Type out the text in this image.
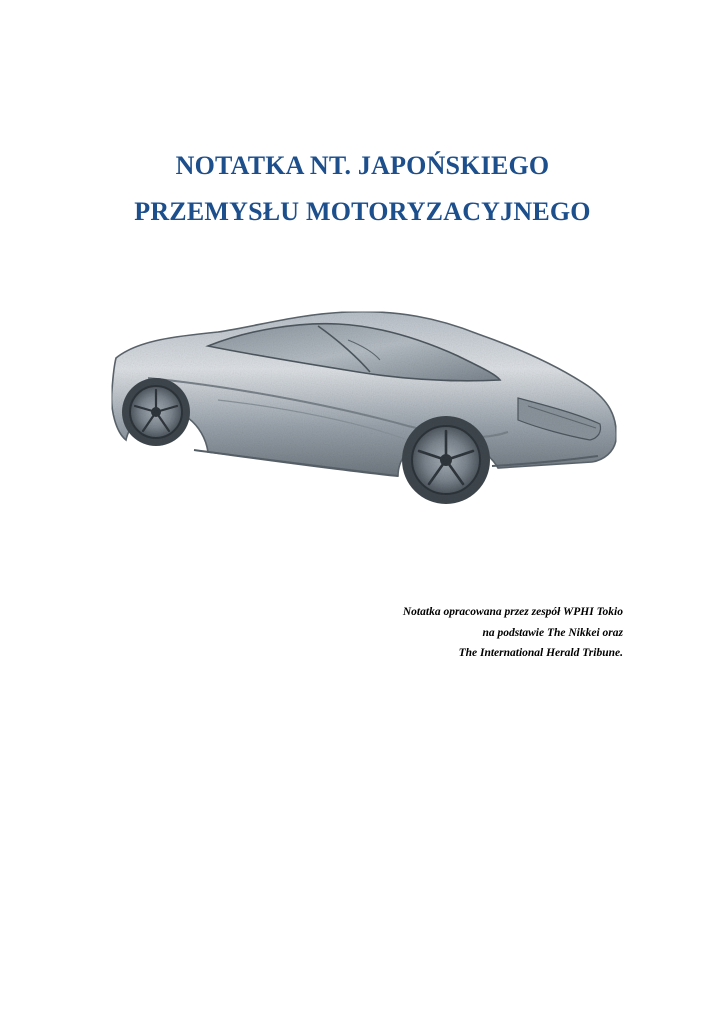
NOTATKA NT. JAPOŃSKIEGO
PRZEMYSŁU MOTORYZACYJNEGO
Notatka opracowana przez zespół WPHI Tokio
na podstawie The Nikkei oraz
The International Herald Tribune.
